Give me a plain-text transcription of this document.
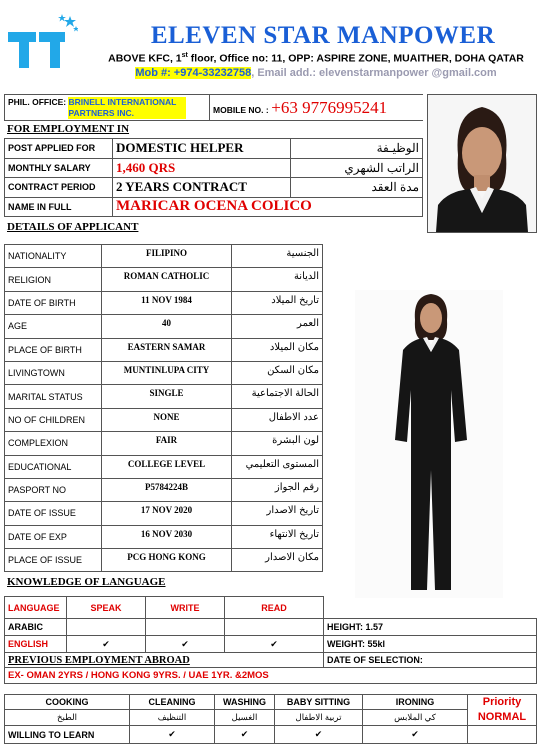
ELEVEN STAR MANPOWER
ABOVE KFC, 1st floor, Office no: 11, OPP: ASPIRE ZONE, MUAITHER, DOHA QATAR
Mob #: +974-33232758, Email add.: elevenstarmanpower @gmail.com
PHIL. OFFICE: BRINELL INTERNATIONAL PARTNERS INC.	MOBILE NO. : +63 9776995241
FOR EMPLOYMENT IN
POST APPLIED FOR	DOMESTIC HELPER	الوظيـفة
MONTHLY SALARY	1,460 QRS	الراتب الشهري
CONTRACT PERIOD	2 YEARS CONTRACT	مدة العقد
NAME IN FULL	MARICAR OCENA COLICO	
DETAILS OF APPLICANT
NATIONALITY	FILIPINO	الجنسية
RELIGION	ROMAN CATHOLIC	الديانة
DATE OF BIRTH	11 NOV 1984	تاريخ الميلاد
AGE	40	العمر
PLACE OF BIRTH	EASTERN SAMAR	مكان الميلاد
LIVINGTOWN	MUNTINLUPA CITY	مكان السكن
MARITAL STATUS	SINGLE	الحالة الاجتماعية
NO OF CHILDREN	NONE	عدد الاطفال
COMPLEXION	FAIR	لون البشرة
EDUCATIONAL	COLLEGE LEVEL	المستوى التعليمي
PASPORT NO	P5784224B	رقم الجواز
DATE OF ISSUE	17 NOV 2020	تاريخ الاصدار
DATE OF EXP	16 NOV 2030	تاريخ الانتهاء
PLACE OF ISSUE	PCG HONG KONG	مكان الاصدار
KNOWLEDGE OF LANGUAGE
LANGUAGE	SPEAK	WRITE	READ	
ARABIC				HEIGHT: 1.57
ENGLISH	✔	✔	✔	WEIGHT: 55kl
PREVIOUS EMPLOYMENT ABROAD				DATE OF SELECTION:
EX- OMAN 2YRS / HONG KONG 9YRS. / UAE 1YR. &2MOS				
COOKING	CLEANING	WASHING	BABY SITTING	IRONING	Priority
NORMAL

الطبخ	التنظيف	الغسيل	تربية الاطفال	كي الملابس	
WILLING TO LEARN	✔	✔	✔	✔	
